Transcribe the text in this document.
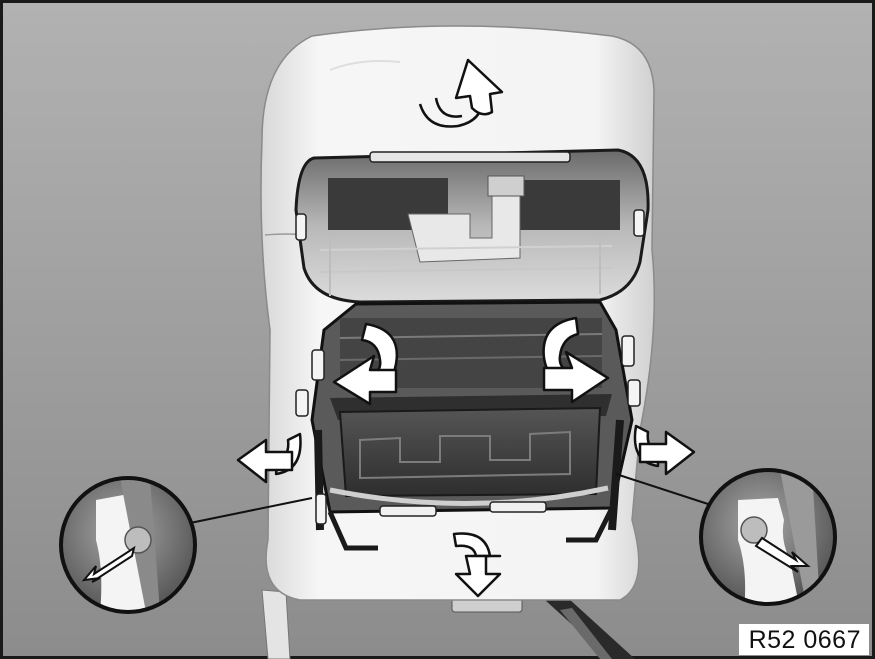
R52 0667
